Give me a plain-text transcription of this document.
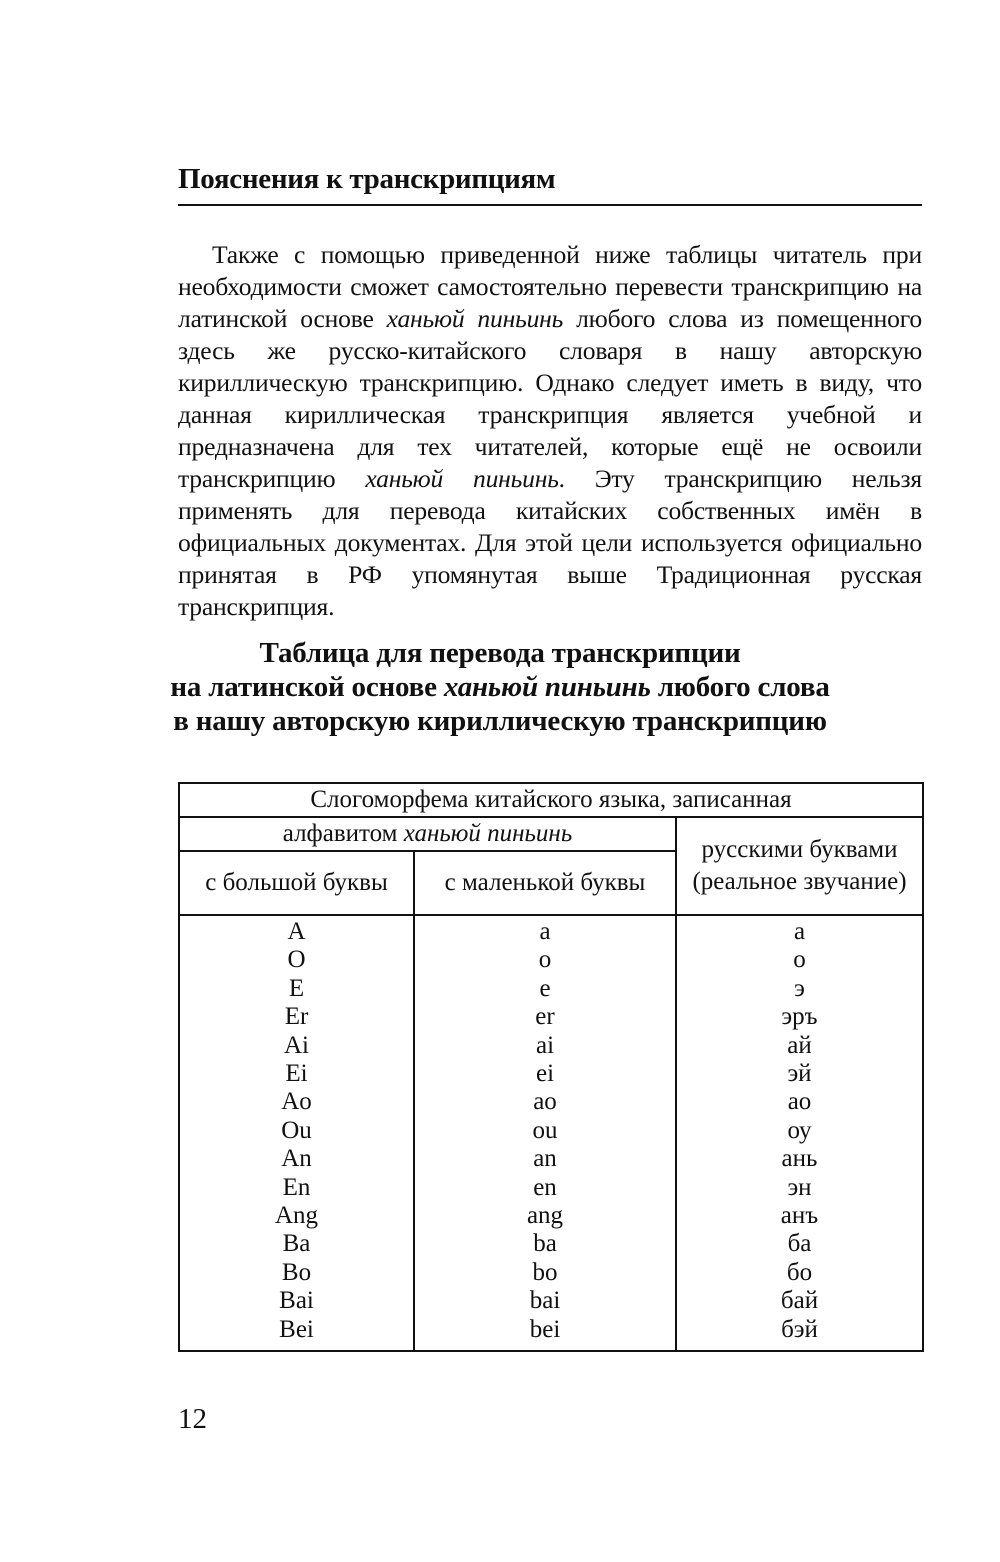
Пояснения к транскрипциям

Также с помощью приведенной ниже таблицы читатель при необходимости сможет самостоятельно перевести транскрипцию на латинской основе ханьюй пиньинь любого слова из помещенного здесь же русско-китайского словаря в нашу авторскую кириллическую транскрипцию. Однако следует иметь в виду, что данная кириллическая транскрипция является учебной и предназначена для тех читателей, которые ещё не освоили транскрипцию ханьюй пиньинь. Эту транскрипцию нельзя применять для перевода китайских собственных имён в официальных документах. Для этой цели используется официально принятая в РФ упомянутая выше Традиционная русская транскрипция.

Таблица для перевода транскрипции
на латинской основе ханьюй пиньинь любого слова
в нашу авторскую кириллическую транскрипцию
Слогоморфема китайского языка, записанная		
алфавитом ханьюй пиньинь		русскими буквами (реальное звучание)
с большой буквы	с маленькой буквы	
A	a	а
O	o	о
E	e	э
Er	er	эръ
Ai	ai	ай
Ei	ei	эй
Ao	ao	ао
Ou	ou	оу
An	an	ань
En	en	эн
Ang	ang	анъ
Ba	ba	ба
Bo	bo	бо
Bai	bai	бай
Bei	bei	бэй

12
